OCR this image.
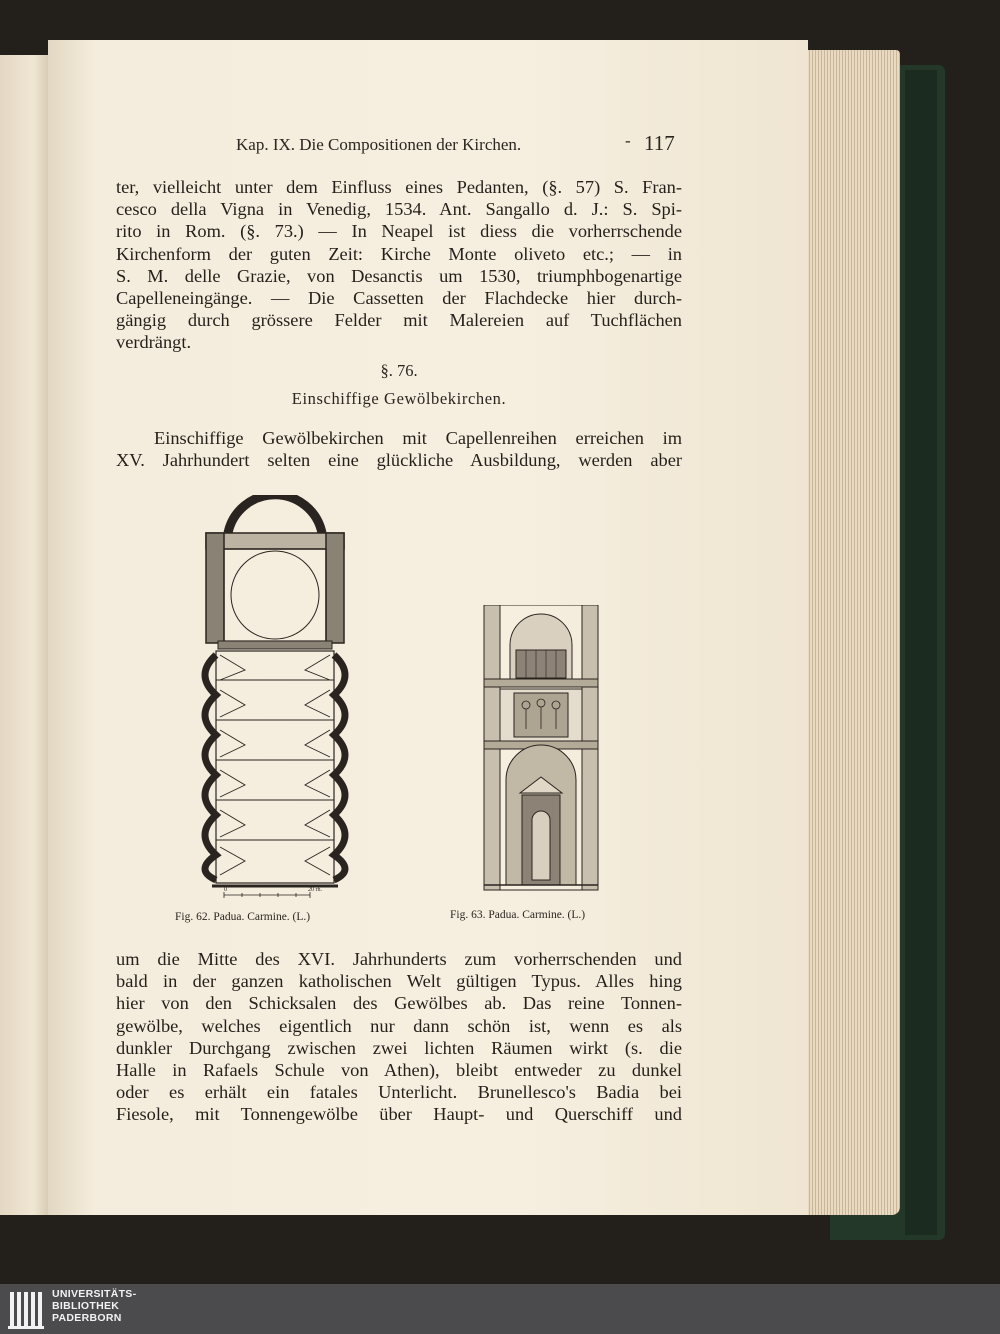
Kap. IX. Die Compositionen der Kirchen.	- 117

ter, vielleicht unter dem Einfluss eines Pedanten, (§. 57) S. Fran-
cesco della Vigna in Venedig, 1534. Ant. Sangallo d. J.: S. Spi-
rito in Rom. (§. 73.) — In Neapel ist diess die vorherrschende
Kirchenform der guten Zeit: Kirche Monte oliveto etc.; — in
S. M. delle Grazie, von Desanctis um 1530, triumphbogenartige
Capelleneingänge. — Die Cassetten der Flachdecke hier durch-
gängig durch grössere Felder mit Malereien auf Tuchflächen
verdrängt.

§. 76.
Einschiffige Gewölbekirchen.

Einschiffige Gewölbekirchen mit Capellenreihen erreichen im
XV. Jahrhundert selten eine glückliche Ausbildung, werden aber

0	20 rh.
Fig. 62. Padua. Carmine. (L.)	Fig. 63. Padua. Carmine. (L.)

um die Mitte des XVI. Jahrhunderts zum vorherrschenden und
bald in der ganzen katholischen Welt gültigen Typus. Alles hing
hier von den Schicksalen des Gewölbes ab. Das reine Tonnen-
gewölbe, welches eigentlich nur dann schön ist, wenn es als
dunkler Durchgang zwischen zwei lichten Räumen wirkt (s. die
Halle in Rafaels Schule von Athen), bleibt entweder zu dunkel
oder es erhält ein fatales Unterlicht. Brunellesco's Badia bei
Fiesole, mit Tonnengewölbe über Haupt- und Querschiff und

UNIVERSITÄTS-
BIBLIOTHEK
PADERBORN
